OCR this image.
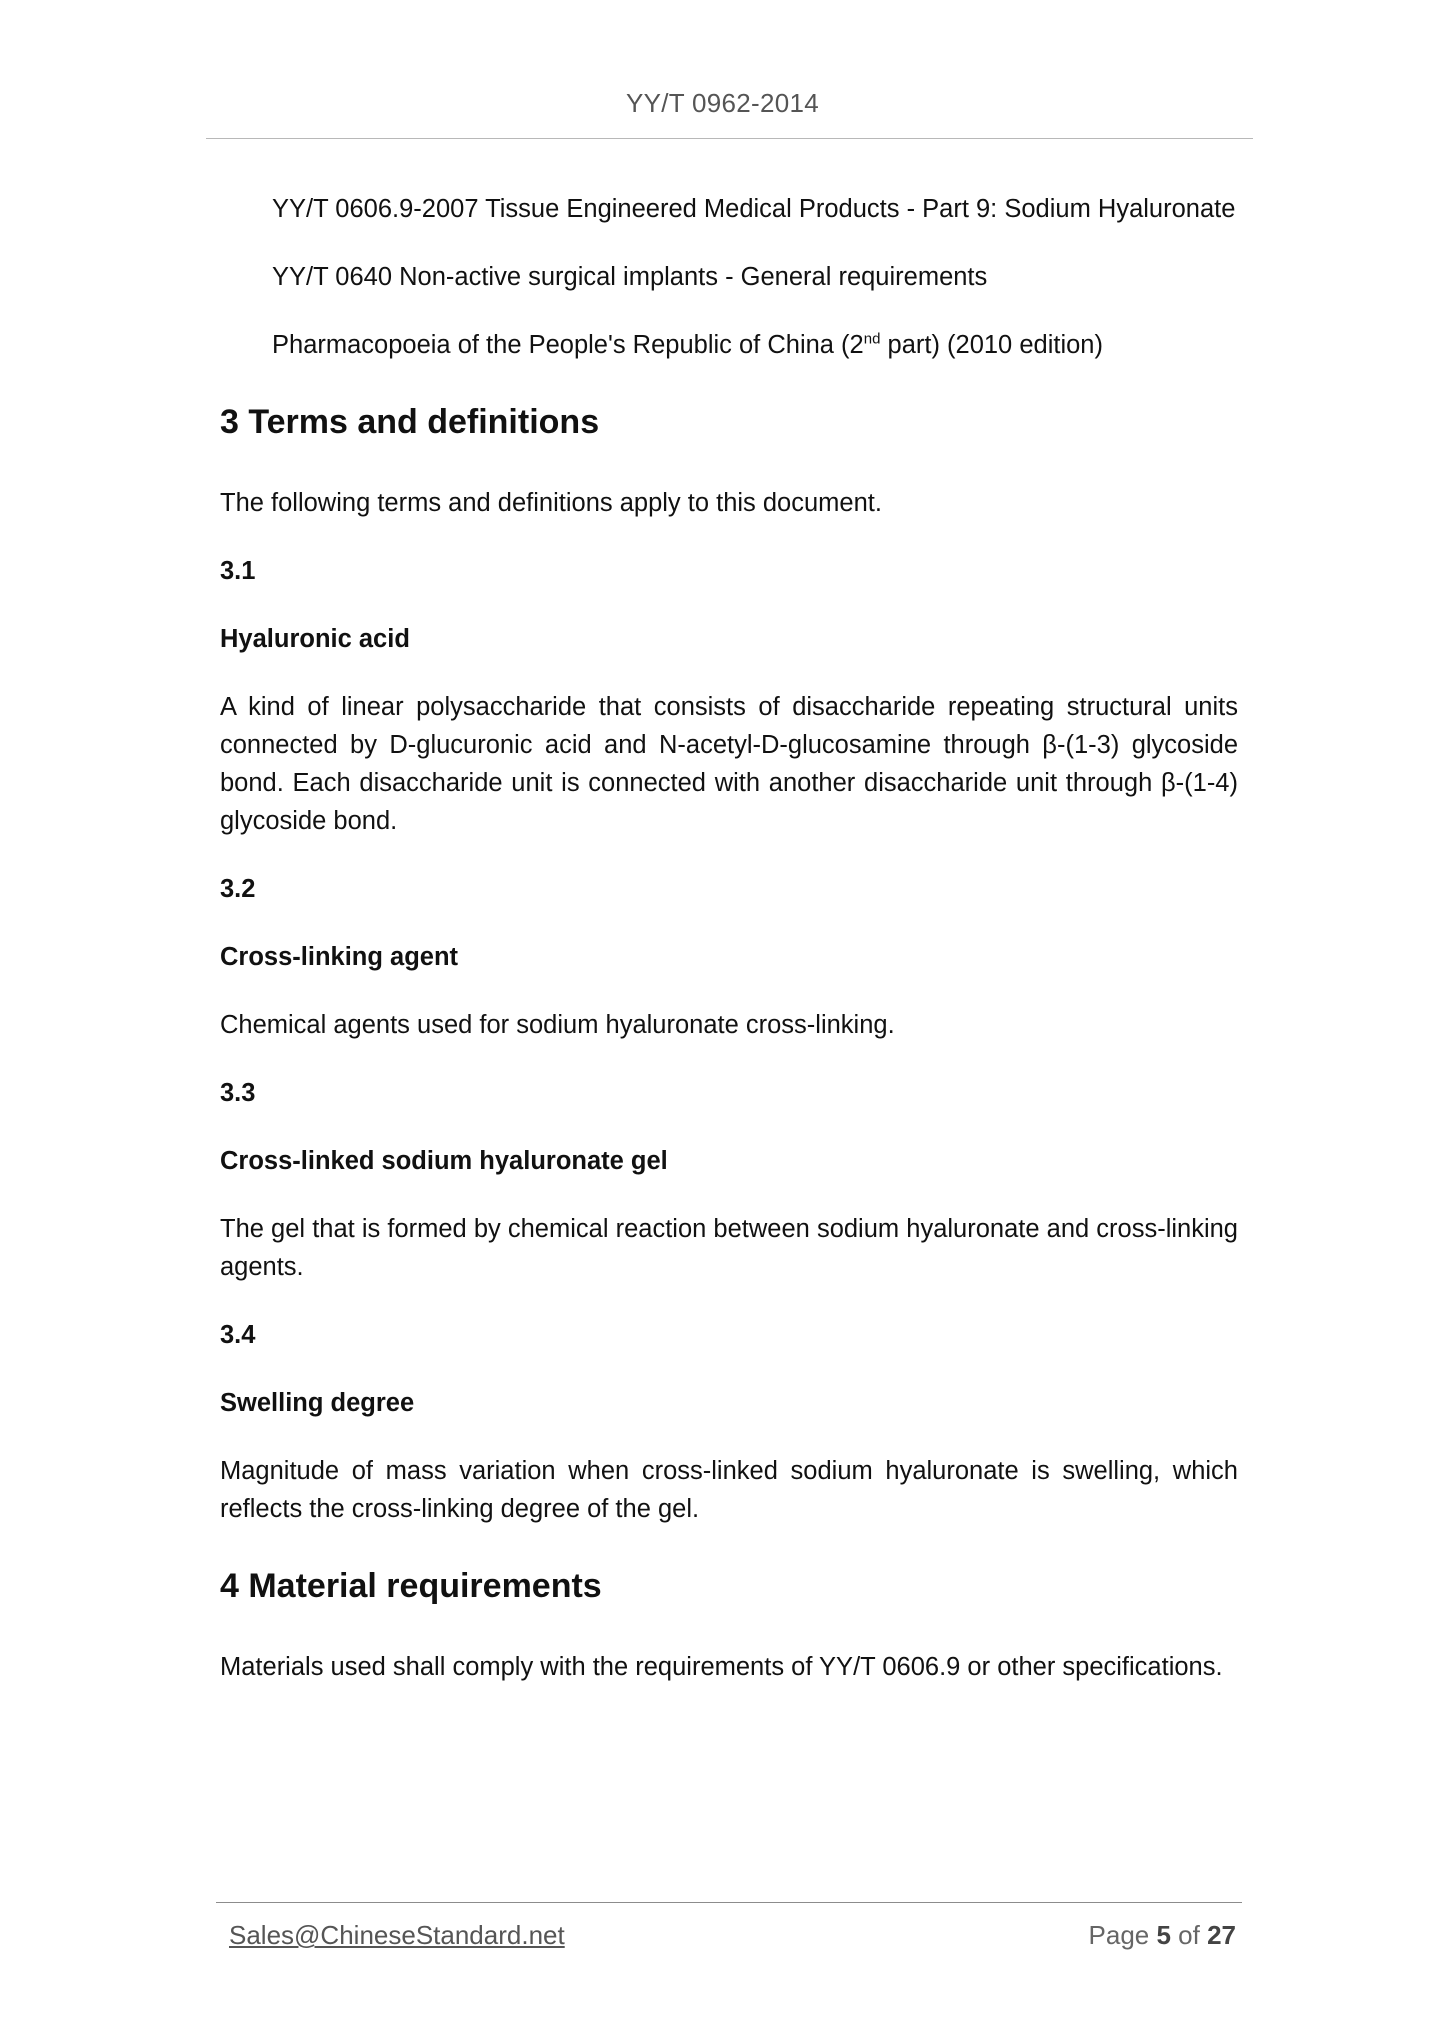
YY/T 0962-2014

YY/T 0606.9-2007 Tissue Engineered Medical Products - Part 9: Sodium Hyaluronate

YY/T 0640 Non-active surgical implants - General requirements

Pharmacopoeia of the People's Republic of China (2nd part) (2010 edition)

3 Terms and definitions

The following terms and definitions apply to this document.

3.1
Hyaluronic acid

A kind of linear polysaccharide that consists of disaccharide repeating structural units connected by D-glucuronic acid and N-acetyl-D-glucosamine through β-(1-3) glycoside bond. Each disaccharide unit is connected with another disaccharide unit through β-(1-4) glycoside bond.

3.2
Cross-linking agent

Chemical agents used for sodium hyaluronate cross-linking.

3.3
Cross-linked sodium hyaluronate gel

The gel that is formed by chemical reaction between sodium hyaluronate and cross-linking agents.

3.4
Swelling degree

Magnitude of mass variation when cross-linked sodium hyaluronate is swelling, which reflects the cross-linking degree of the gel.

4 Material requirements

Materials used shall comply with the requirements of YY/T 0606.9 or other specifications.

Sales@ChineseStandard.net	Page 5 of 27
